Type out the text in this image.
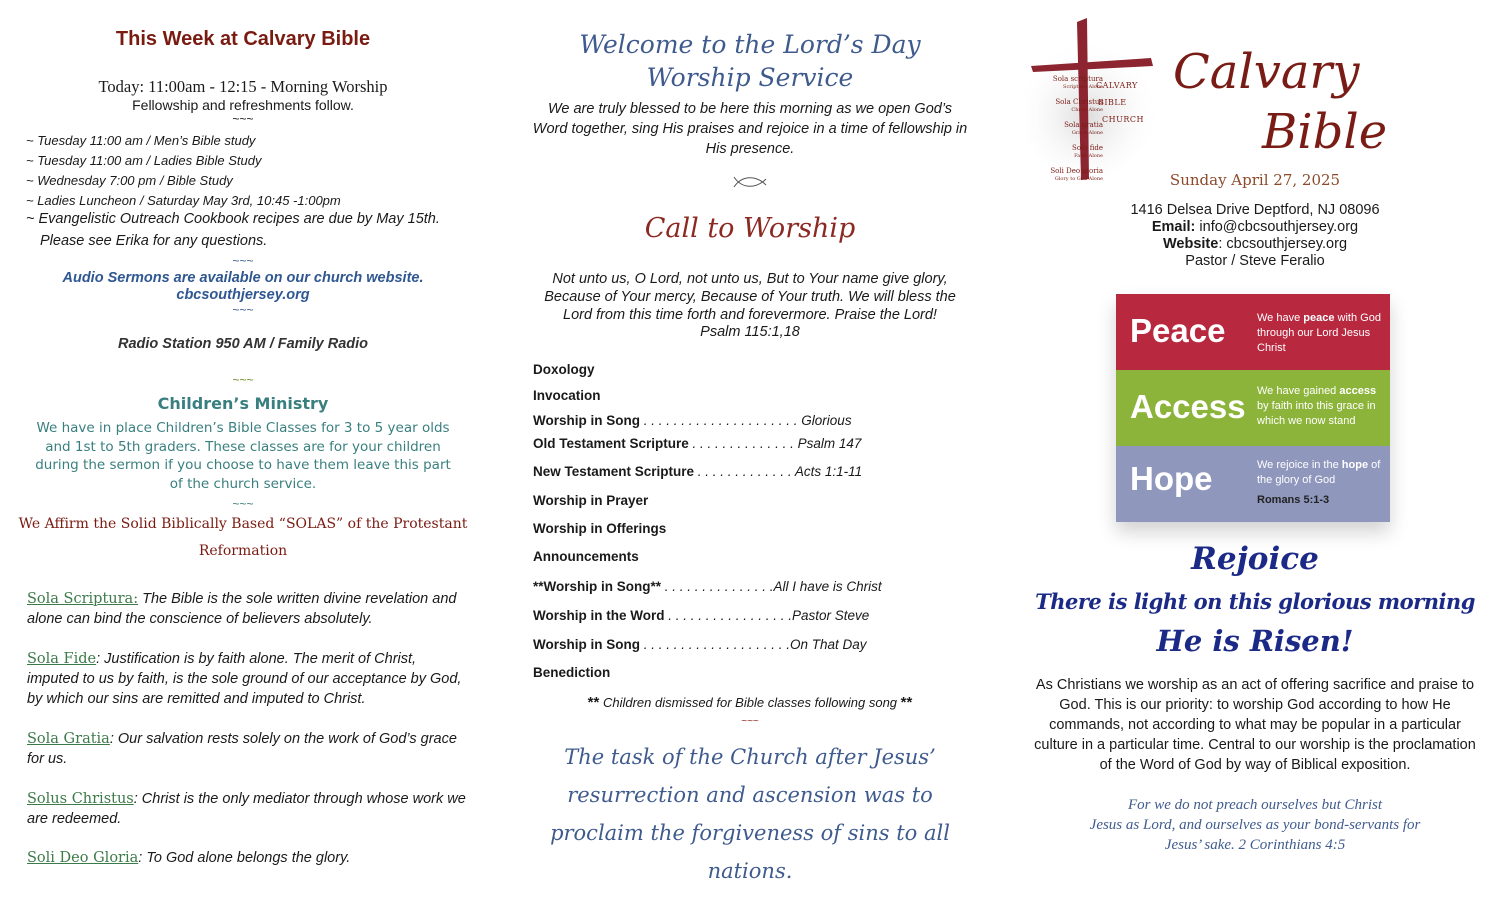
This Week at Calvary Bible
Today: 11:00am - 12:15 - Morning Worship
Fellowship and refreshments follow.
~~~
~ Tuesday 11:00 am / Men’s Bible study
~ Tuesday 11:00 am / Ladies Bible Study
~ Wednesday 7:00 pm / Bible Study
~ Ladies Luncheon / Saturday May 3rd, 10:45 -1:00pm
~ Evangelistic Outreach Cookbook recipes are due by May 15th.
Please see Erika for any questions.
~~~
Audio Sermons are available on our church website.
cbcsouthjersey.org
~~~
Radio Station 950 AM / Family Radio
~~~
Children’s Ministry
We have in place Children’s Bible Classes for 3 to 5 year olds and 1st to 5th graders. These classes are for your children during the sermon if you choose to have them leave this part of the church service.
~~~
We Affirm the Solid Biblically Based “SOLAS” of the Protestant
Reformation

Sola Scriptura: The Bible is the sole written divine revelation and alone can bind the conscience of believers absolutely.

Sola Fide: Justification is by faith alone. The merit of Christ, imputed to us by faith, is the sole ground of our acceptance by God, by which our sins are remitted and imputed to Christ.

Sola Gratia: Our salvation rests solely on the work of God’s grace for us.

Solus Christus: Christ is the only mediator through whose work we are redeemed.

Soli Deo Gloria: To God alone belongs the glory.

Welcome to the Lord’s Day
Worship Service
We are truly blessed to be here this morning as we open God’s Word together, sing His praises and rejoice in a time of fellowship in His presence.
Call to Worship
Not unto us, O Lord, not unto us, But to Your name give glory, Because of Your mercy, Because of Your truth. We will bless the Lord from this time forth and forevermore. Praise the Lord!
Psalm 115:1,18
Doxology
Invocation
Worship in Song . . . . . . . . . . . . . . . . . . . . . Glorious
Old Testament Scripture . . . . . . . . . . . . . . Psalm 147
New Testament Scripture . . . . . . . . . . . . . Acts 1:1-11
Worship in Prayer
Worship in Offerings
Announcements
**Worship in Song** . . . . . . . . . . . . . . .All I have is Christ
Worship in the Word . . . . . . . . . . . . . . . . .Pastor Steve
Worship in Song . . . . . . . . . . . . . . . . . . . .On That Day
Benediction
** Children dismissed for Bible classes following song **
~~~
The task of the Church after Jesus’ resurrection and ascension was to proclaim the forgiveness of sins to all nations.
Sola scriptura
Scripture Alone
Sola Christus
Christ Alone
Sola gratia
Grace Alone
Sola fide
Faith Alone
Soli Deo gloria
Glory to God Alone
CALVARY
BIBLE
CHURCH
Calvary
Bible
Sunday April 27, 2025
1416 Delsea Drive Deptford, NJ 08096
Email: info@cbcsouthjersey.org
Website: cbcsouthjersey.org
Pastor / Steve Feralio
Peace	We have peace with God through our Lord Jesus Christ
Access We have gained access by faith into this grace in which we now stand
Hope	We rejoice in the hope of the glory of God
Romans 5:1-3
Rejoice
There is light on this glorious morning
He is Risen!
As Christians we worship as an act of offering sacrifice and praise to God. This is our priority: to worship God according to how He commands, not according to what may be popular in a particular culture in a particular time. Central to our worship is the proclamation of the Word of God by way of Biblical exposition.
For we do not preach ourselves but Christ
Jesus as Lord, and ourselves as your bond-servants for
Jesus’ sake. 2 Corinthians 4:5
